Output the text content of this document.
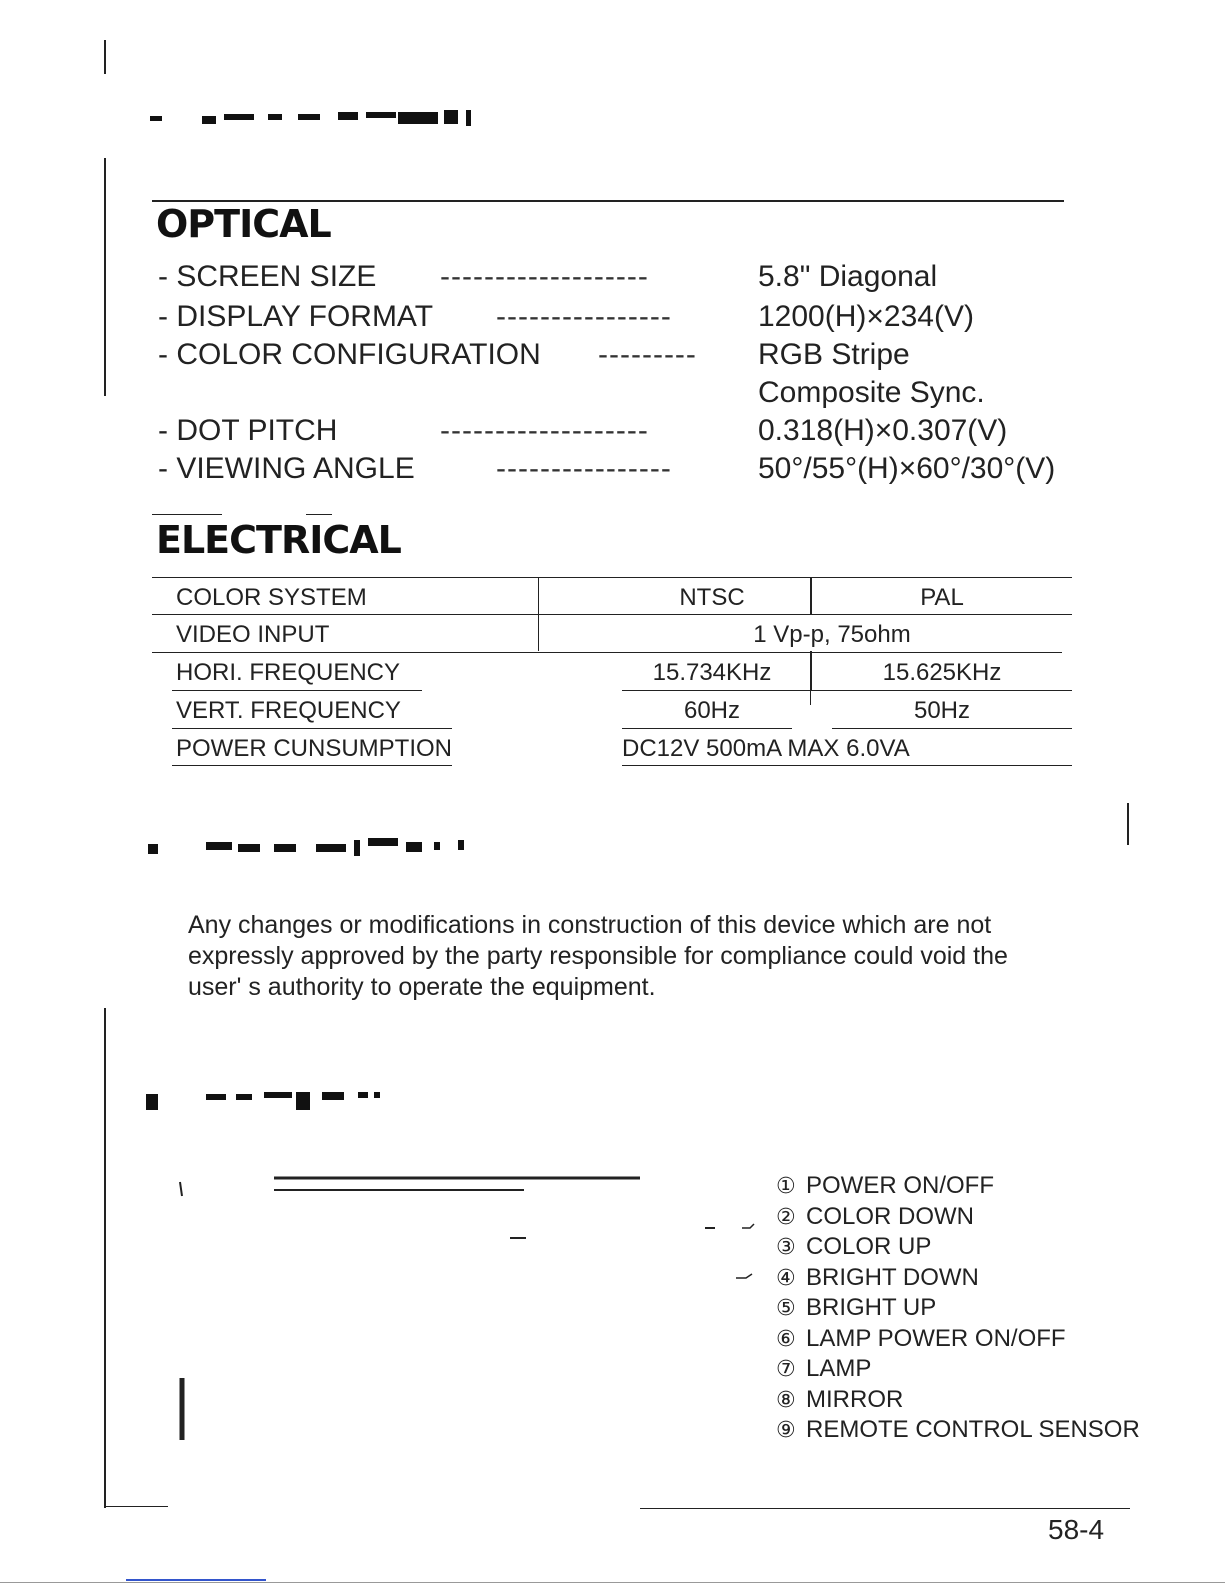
OPTICAL
- SCREEN SIZE -------------------	5.8" Diagonal
- DISPLAY FORMAT ----------------	1200(H)×234(V)
- COLOR CONFIGURATION --------- RGB Stripe
Composite Sync.
- DOT PITCH	-------------------	0.318(H)×0.307(V)
- VIEWING ANGLE	----------------	50°/55°(H)×60°/30°(V)
ELECTRICAL
COLOR SYSTEM	NTSC	PAL
VIDEO INPUT	1 Vp-p, 75ohm
HORI. FREQUENCY	15.734KHz	15.625KHz
VERT. FREQUENCY	60Hz	50Hz
POWER CUNSUMPTION	DC12V 500mA MAX 6.0VA
Any changes or modifications in construction of this device which are not expressly approved by the party responsible for compliance could void the user' s authority to operate the equipment.
① POWER ON/OFF
② COLOR DOWN
③ COLOR UP
④ BRIGHT DOWN
⑤ BRIGHT UP
⑥ LAMP POWER ON/OFF
⑦ LAMP
⑧ MIRROR
⑨ REMOTE CONTROL SENSOR
58-4
